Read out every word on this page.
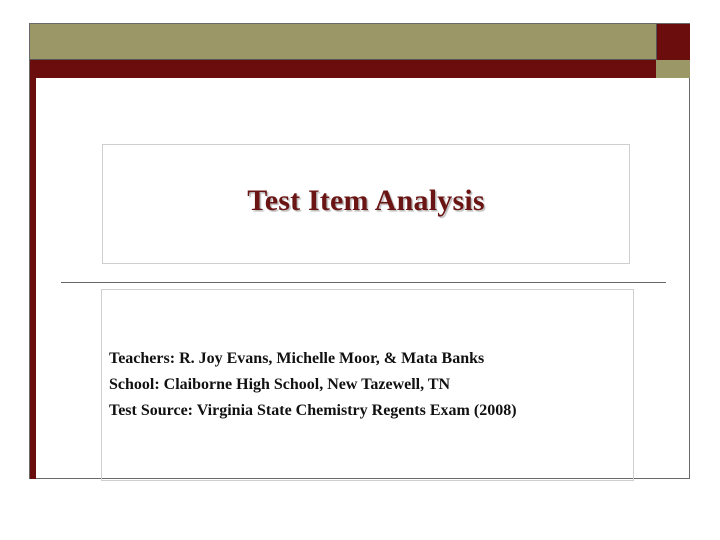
Test Item Analysis
Teachers: R. Joy Evans, Michelle Moor, & Mata Banks
School: Claiborne High School, New Tazewell, TN
Test Source: Virginia State Chemistry Regents Exam (2008)
